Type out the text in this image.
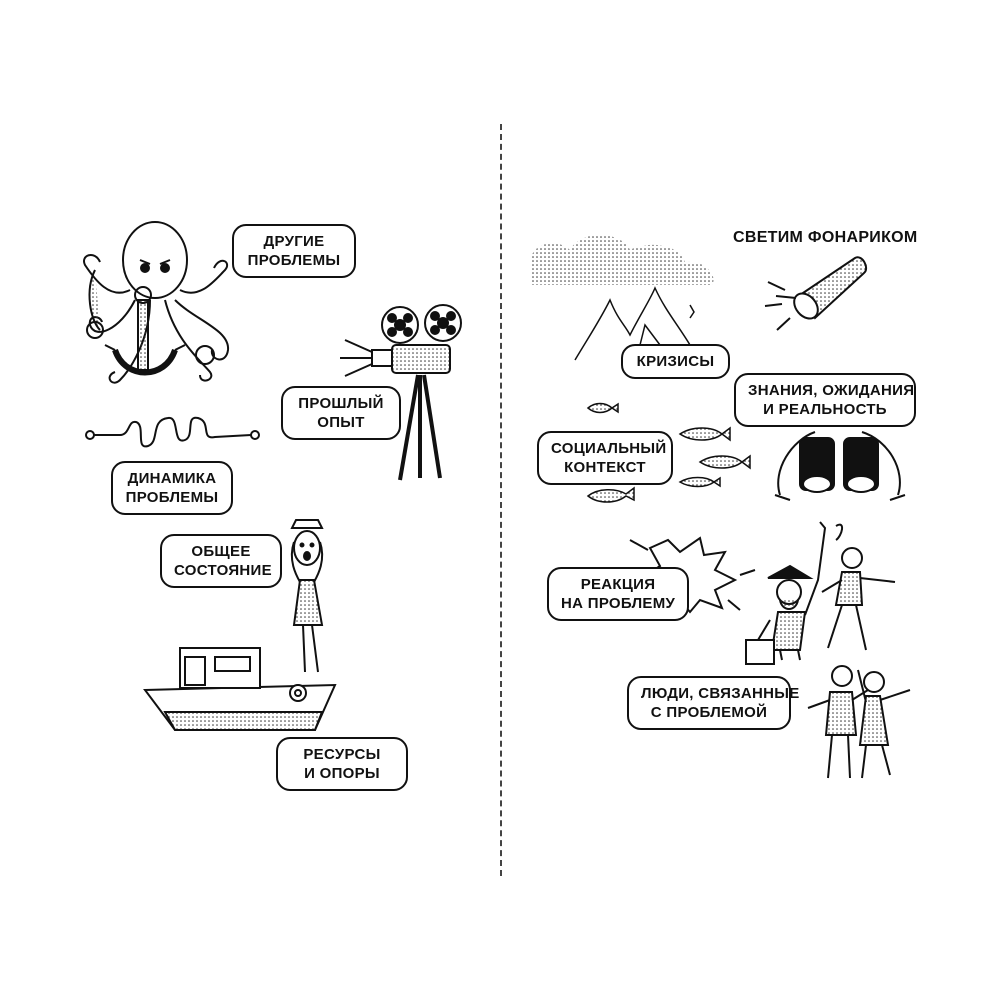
ДРУГИЕ
ПРОБЛЕМЫ
ПРОШЛЫЙ
ОПЫТ
ДИНАМИКА
ПРОБЛЕМЫ
ОБЩЕЕ
СОСТОЯНИЕ
РЕСУРСЫ
И ОПОРЫ
СВЕТИМ ФОНАРИКОМ
КРИЗИСЫ
ЗНАНИЯ, ОЖИДАНИЯ
И РЕАЛЬНОСТЬ
СОЦИАЛЬНЫЙ
КОНТЕКСТ
РЕАКЦИЯ
НА ПРОБЛЕМУ
ЛЮДИ, СВЯЗАННЫЕ
С ПРОБЛЕМОЙ
